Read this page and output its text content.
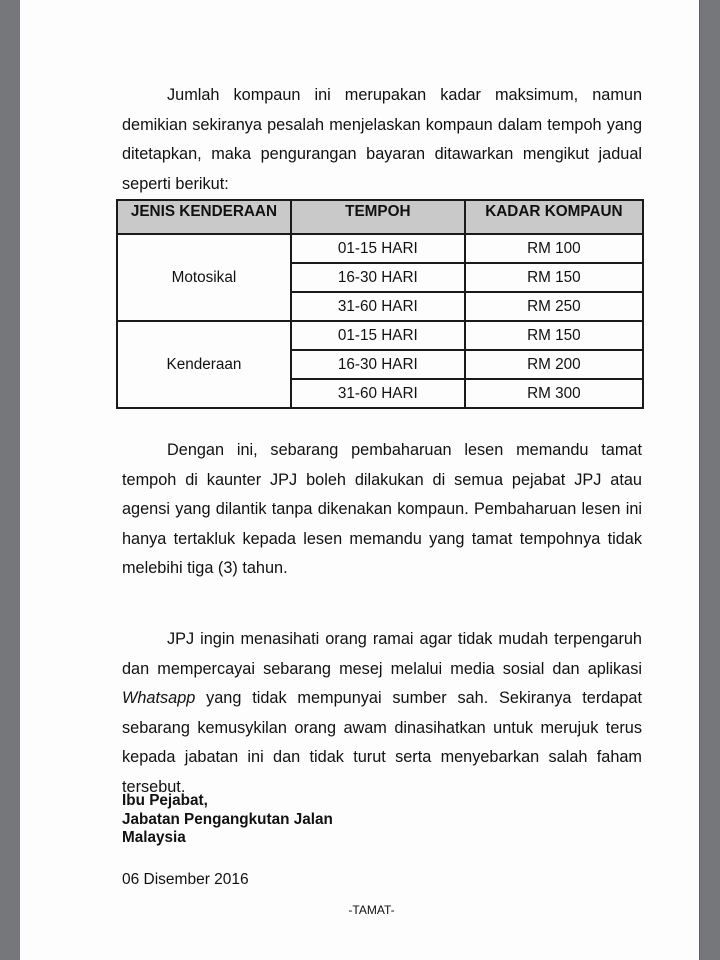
Jumlah kompaun ini merupakan kadar maksimum, namun demikian sekiranya pesalah menjelaskan kompaun dalam tempoh yang ditetapkan, maka pengurangan bayaran ditawarkan mengikut jadual seperti berikut:

JENIS KENDERAAN	TEMPOH	KADAR KOMPAUN
Motosikal	01-15 HARI	RM 100
	16-30 HARI	RM 150
	31-60 HARI	RM 250
Kenderaan	01-15 HARI	RM 150
	16-30 HARI	RM 200
	31-60 HARI	RM 300

Dengan ini, sebarang pembaharuan lesen memandu tamat tempoh di kaunter JPJ boleh dilakukan di semua pejabat JPJ atau agensi yang dilantik tanpa dikenakan kompaun. Pembaharuan lesen ini hanya tertakluk kepada lesen memandu yang tamat tempohnya tidak melebihi tiga (3) tahun.

JPJ ingin menasihati orang ramai agar tidak mudah terpengaruh dan mempercayai sebarang mesej melalui media sosial dan aplikasi Whatsapp yang tidak mempunyai sumber sah. Sekiranya terdapat sebarang kemusykilan orang awam dinasihatkan untuk merujuk terus kepada jabatan ini dan tidak turut serta menyebarkan salah faham tersebut.

Ibu Pejabat,
Jabatan Pengangkutan Jalan
Malaysia
06 Disember 2016
-TAMAT-
